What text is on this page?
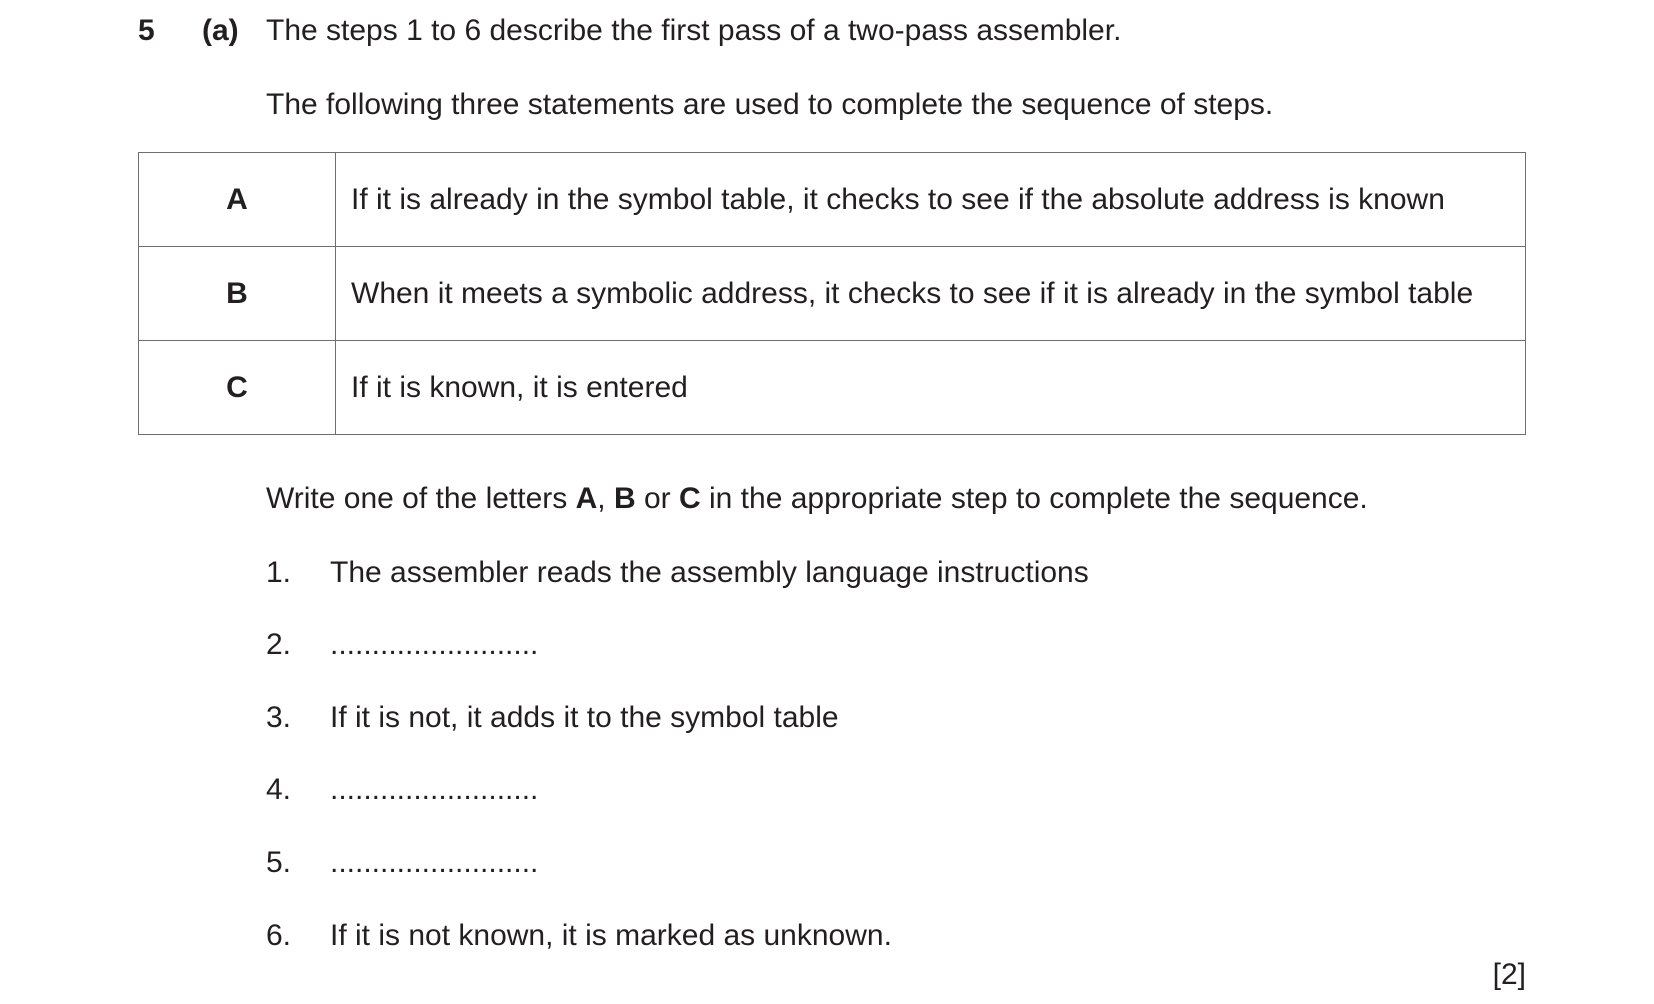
5 (a) The steps 1 to 6 describe the first pass of a two-pass assembler.
The following three statements are used to complete the sequence of steps.
A	If it is already in the symbol table, it checks to see if the absolute address is known
B	When it meets a symbolic address, it checks to see if it is already in the symbol table
C	If it is known, it is entered
Write one of the letters A, B or C in the appropriate step to complete the sequence.
1. The assembler reads the assembly language instructions
2. .........................
3. If it is not, it adds it to the symbol table
4. .........................
5. .........................
6. If it is not known, it is marked as unknown.
[2]
